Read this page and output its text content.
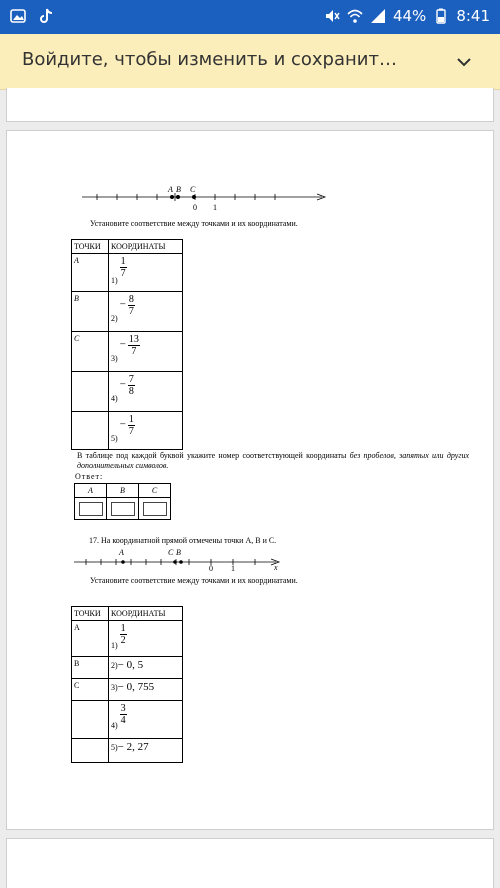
44% 8:41
Войдите, чтобы изменить и сохранит…
A B C
0 1
Установите соответствие между точками и их координатами.
ТОЧКИ	КООРДИНАТЫ
A	1)
$\frac{1}{7}$

B	$2) - \frac{8}{7}$

C	$3) - \frac{13}{7}$

	$4) - \frac{7}{8}$

	$5) - \frac{1}{7}$
В таблице под каждой буквой укажите номер соответствующей координаты без пробелов, запятых или других дополнительных символов.
Ответ:
A	B	C

17. На координатной прямой отмечены точки A, B и C.
A	C B
0 1	x
Установите соответствие между точками и их координатами.
ТОЧКИ	КООРДИНАТЫ
A	$1) \frac{1}{2}$

B	2)− 0, 5
C	3)− 0, 755
	$4) \frac{3}{4}$

	5)− 2, 27
